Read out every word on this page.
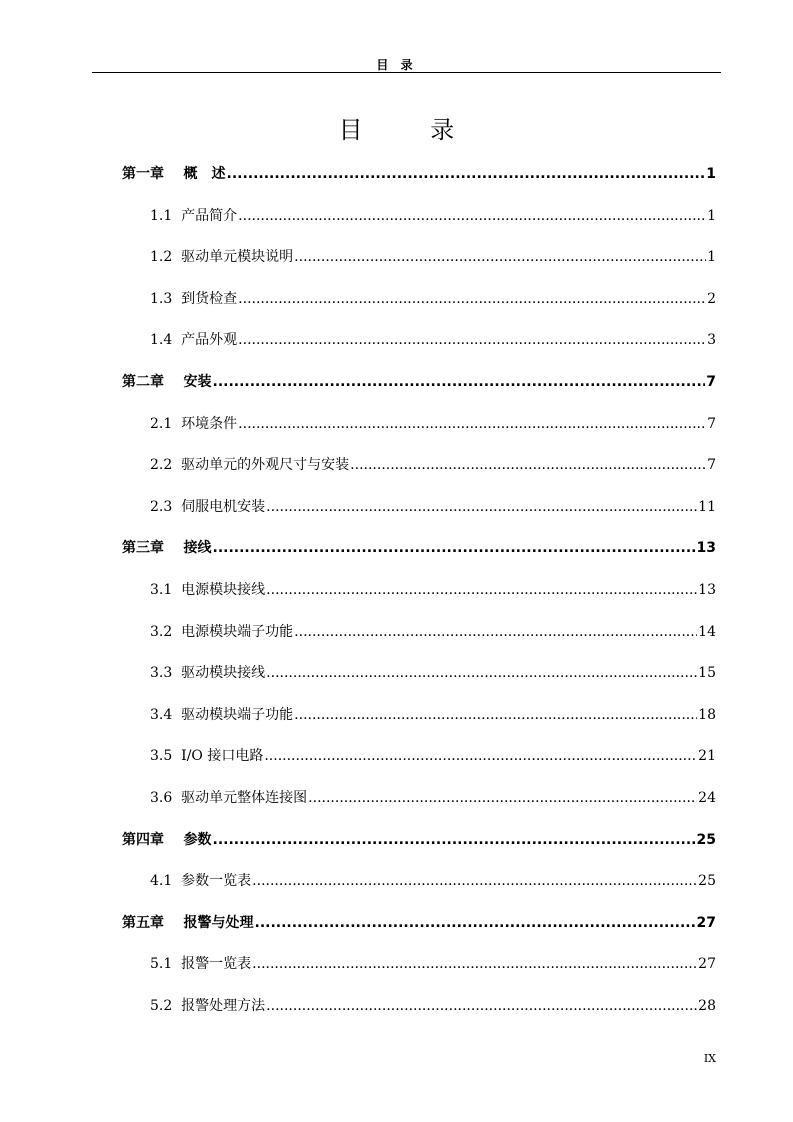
目 录
目 录
第一章 概　述 .....	1
1.1 产品简介 .....	1
1.2 驱动单元模块说明 .....	1
1.3 到货检查 .....	2
1.4 产品外观 .....	3
第二章 安装 .....	7
2.1 环境条件 .....	7
2.2 驱动单元的外观尺寸与安装 .....	7
2.3 伺服电机安装 .....	11
第三章 接线 .....	13
3.1 电源模块接线 .....	13
3.2 电源模块端子功能 .....	14
3.3 驱动模块接线 .....	15
3.4 驱动模块端子功能 .....	18
3.5 I/O 接口电路 .....	21
3.6 驱动单元整体连接图 .....	24
第四章 参数 .....	25
4.1 参数一览表 .....	25
第五章 报警与处理 .....	27
5.1 报警一览表 .....	27
5.2 报警处理方法 .....	28
IX
